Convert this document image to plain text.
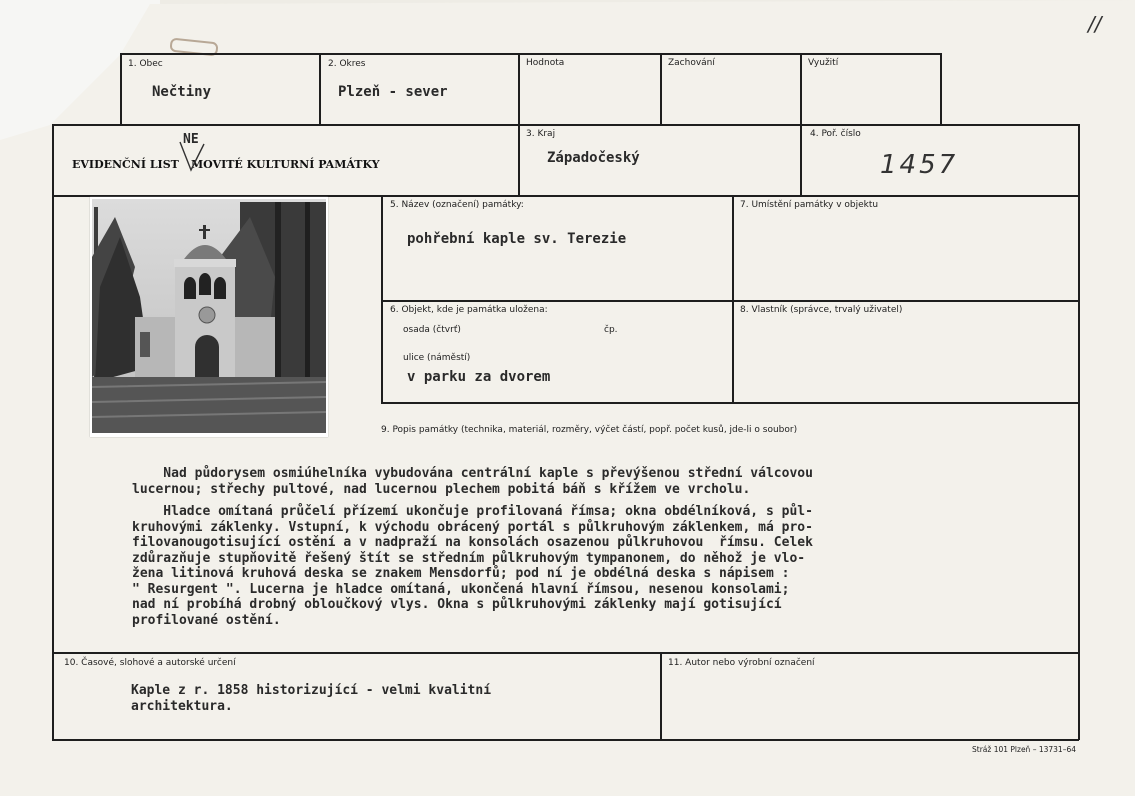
//
1. Obec
Nečtiny
2. Okres
Plzeň - sever
Hodnota	Zachování	Využití
EVIDENČNÍ LIST MOVITÉ KULTURNÍ PAMÁTKY
NE	3. Kraj
Západočeský
4. Poř. číslo
1457
5. Název (označení) památky:
pohřební kaple sv. Terezie
7. Umístění památky v objektu
6. Objekt, kde je památka uložena:
osada (čtvrť)	čp.
ulice (náměstí)
v parku za dvorem
8. Vlastník (správce, trvalý uživatel)
9. Popis památky (technika, materiál, rozměry, výčet částí, popř. počet kusů, jde-li o soubor)

Nad půdorysem osmiúhelníka vybudována centrální kaple s převýšenou střední válcovou

lucernou; střechy pultové, nad lucernou plechem pobitá báň s křížem ve vrcholu.

Hladce omítaná průčelí přízemí ukončuje profilovaná římsa; okna obdélníková, s půl-

kruhovými záklenky. Vstupní, k východu obrácený portál s půlkruhovým záklenkem, má pro-

filovanougotisující ostění a v nadpraží na konsolách osazenou půlkruhovou  římsu. Celek

zdůrazňuje stupňovitě řešený štít se středním půlkruhovým tympanonem, do něhož je vlo-

žena litinová kruhová deska se znakem Mensdorfů; pod ní je obdélná deska s nápisem :

" Resurgent ". Lucerna je hladce omítaná, ukončená hlavní římsou, nesenou konsolami;

nad ní probíhá drobný obloučkový vlys. Okna s půlkruhovými záklenky mají gotisující

profilované ostění.

10. Časové, slohové a autorské určení
Kaple z r. 1858 historizující - velmi kvalitní
architektura.
11. Autor nebo výrobní označení
Stráž 101 Plzeň – 13731–64
